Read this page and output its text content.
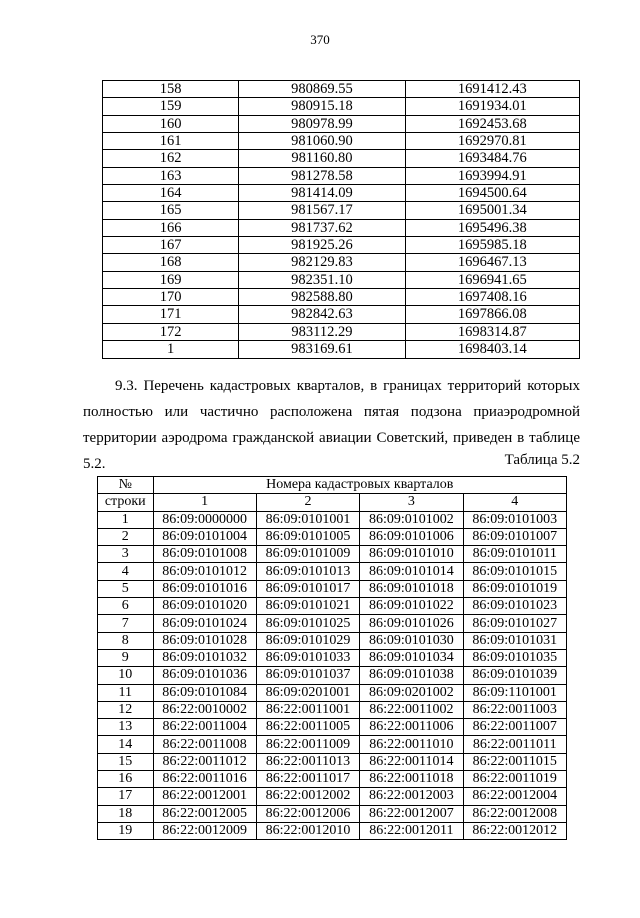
370
158	980869.55	1691412.43
159	980915.18	1691934.01
160	980978.99	1692453.68
161	981060.90	1692970.81
162	981160.80	1693484.76
163	981278.58	1693994.91
164	981414.09	1694500.64
165	981567.17	1695001.34
166	981737.62	1695496.38
167	981925.26	1695985.18
168	982129.83	1696467.13
169	982351.10	1696941.65
170	982588.80	1697408.16
171	982842.63	1697866.08
172	983112.29	1698314.87
1	983169.61	1698403.14

9.3. Перечень кадастровых кварталов, в границах территорий которых полностью или частично расположена пятая подзона приаэродромной территории аэродрома гражданской авиации Советский, приведен в таблице 5.2.	Таблица 5.2
№	Номера кадастровых кварталов			
строки	1	2	3	4
1	86:09:0000000	86:09:0101001	86:09:0101002	86:09:0101003
2	86:09:0101004	86:09:0101005	86:09:0101006	86:09:0101007
3	86:09:0101008	86:09:0101009	86:09:0101010	86:09:0101011
4	86:09:0101012	86:09:0101013	86:09:0101014	86:09:0101015
5	86:09:0101016	86:09:0101017	86:09:0101018	86:09:0101019
6	86:09:0101020	86:09:0101021	86:09:0101022	86:09:0101023
7	86:09:0101024	86:09:0101025	86:09:0101026	86:09:0101027
8	86:09:0101028	86:09:0101029	86:09:0101030	86:09:0101031
9	86:09:0101032	86:09:0101033	86:09:0101034	86:09:0101035
10	86:09:0101036	86:09:0101037	86:09:0101038	86:09:0101039
11	86:09:0101084	86:09:0201001	86:09:0201002	86:09:1101001
12	86:22:0010002	86:22:0011001	86:22:0011002	86:22:0011003
13	86:22:0011004	86:22:0011005	86:22:0011006	86:22:0011007
14	86:22:0011008	86:22:0011009	86:22:0011010	86:22:0011011
15	86:22:0011012	86:22:0011013	86:22:0011014	86:22:0011015
16	86:22:0011016	86:22:0011017	86:22:0011018	86:22:0011019
17	86:22:0012001	86:22:0012002	86:22:0012003	86:22:0012004
18	86:22:0012005	86:22:0012006	86:22:0012007	86:22:0012008
19	86:22:0012009	86:22:0012010	86:22:0012011	86:22:0012012
